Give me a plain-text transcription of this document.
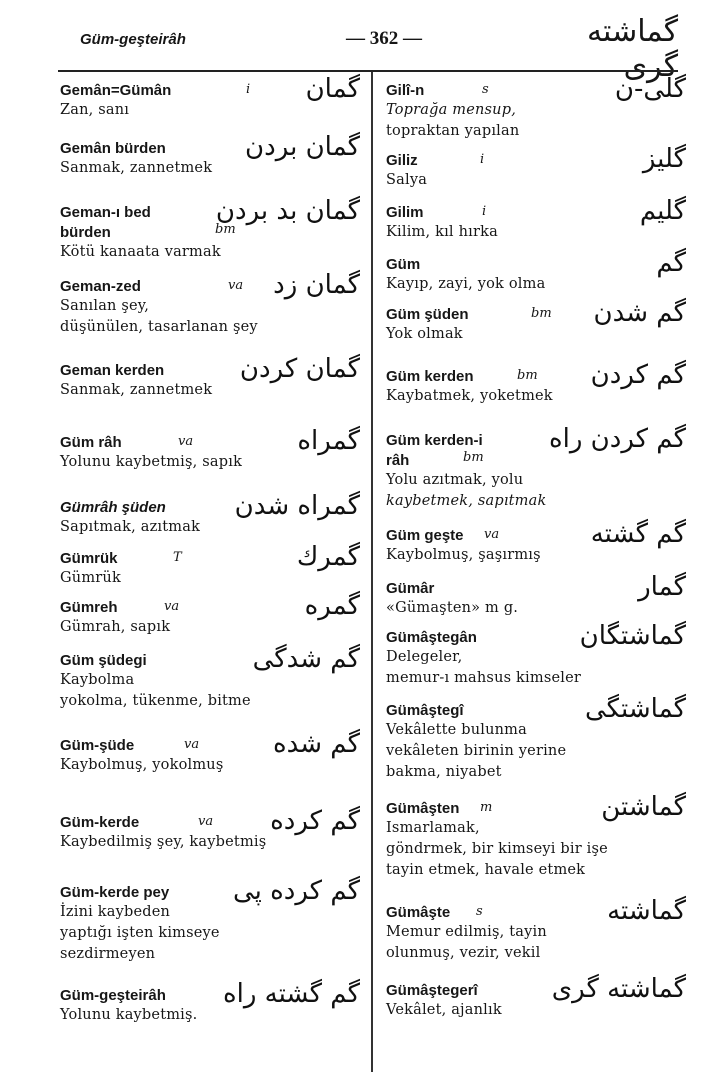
Güm-geşteirâh	— 362 —	گماشته گری
Gemân=Gümân	i گمان
Zan, sanı
Gemân bürden	گمان بردن
Sanmak, zannetmek
Geman-ı bed
bürden	bm
گمان بد بردن
Kötü kanaata varmak
Geman-zed	va گمان زد
Sanılan şey,
düşünülen, tasarlanan şey
Geman kerden	گمان کردن
Sanmak, zannetmek
Güm râh	va	گمراه
Yolunu kaybetmiş, sapık
Gümrâh şüden	گمراه شدن
Sapıtmak, azıtmak
Gümrük	T	گمرك
Gümrük
Gümreh	va	گمره
Gümrah, sapık
Güm şüdegi	گم شدگی
Kaybolma
yokolma, tükenme, bitme
Güm-şüde	va	گم شده
Kaybolmuş, yokolmuş
Güm-kerde	va گم کرده
Kaybedilmiş şey, kaybetmiş
Güm-kerde pey	گم کرده پی
İzini kaybeden
yaptığı işten kimseye
sezdirmeyen
Güm-geşteirâh	گم گشته راه
Yolunu kaybetmiş.
Gilî-n	s	گلی-ن
Toprağa mensup,
topraktan yapılan
Giliz	i	گلیز
Salya
Gilim	i	گلیم
Kilim, kıl hırka
Güm	گم
Kayıp, zayi, yok olma
Güm şüden	bm گم شدن
Yok olmak
Güm kerden	bm گم کردن
Kaybatmek, yoketmek
Güm kerden-i
râh	bm
گم کردن راه
Yolu azıtmak, yolu
kaybetmek, sapıtmak
Güm geşte	va	گم گشته
Kaybolmuş, şaşırmış
Gümâr	گمار
«Gümaşten» m g.
Gümâştegân	گماشتگان
Delegeler,
memur-ı mahsus kimseler
Gümâştegî	گماشتگی
Vekâlette bulunma
vekâleten birinin yerine
bakma, niyabet
Gümâşten	m	گماشتن
Ismarlamak,
göndrmek, bir kimseyi bir işe
tayin etmek, havale etmek
Gümâşte	s	گماشته
Memur edilmiş, tayin
olunmuş, vezir, vekil
Gümâştegerî	گماشته گری
Vekâlet, ajanlık
